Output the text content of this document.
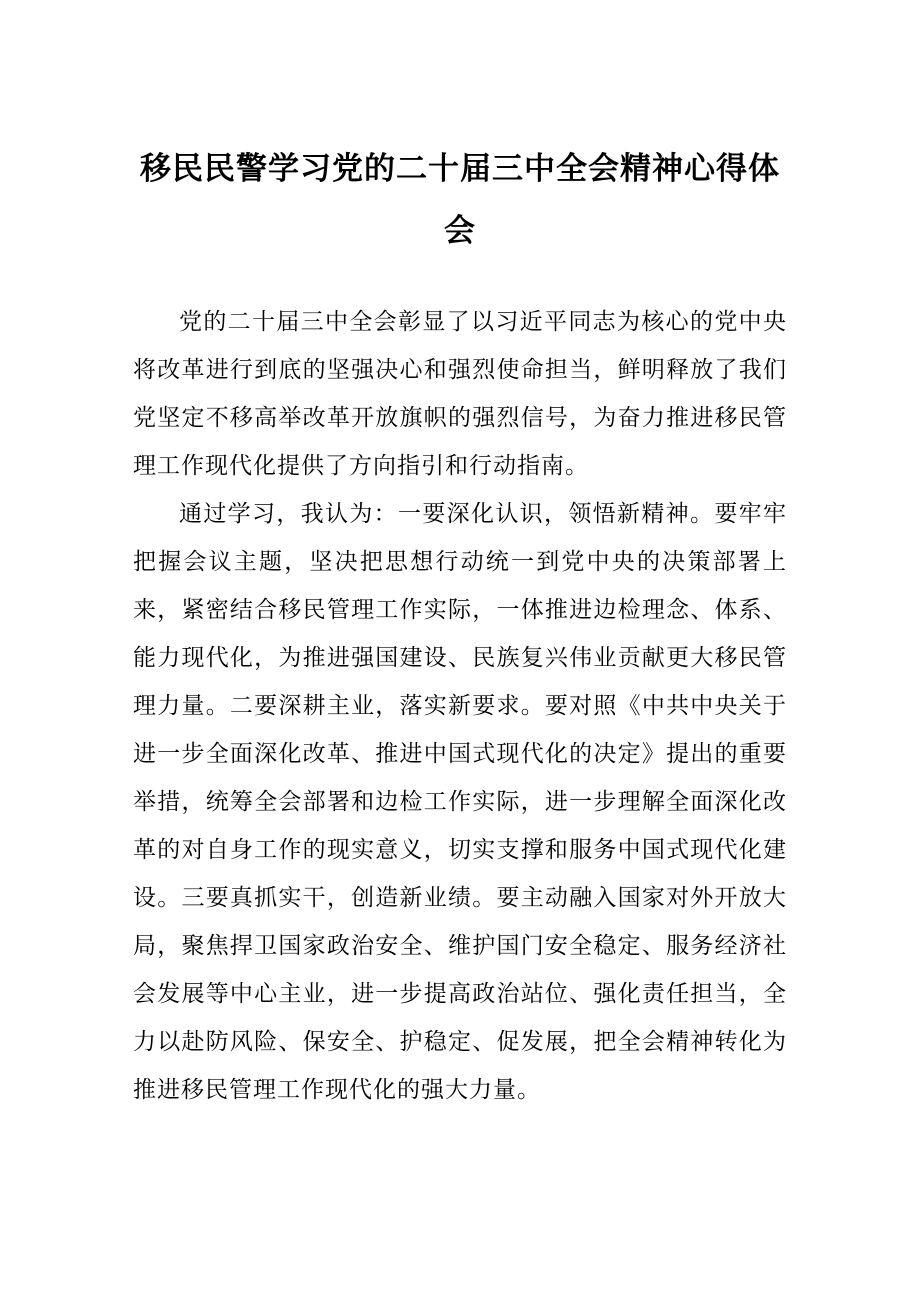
移民民警学习党的二十届三中全会精神心得体会

党的二十届三中全会彰显了以习近平同志为核心的党中央将改革进行到底的坚强决心和强烈使命担当，鲜明释放了我们党坚定不移高举改革开放旗帜的强烈信号，为奋力推进移民管理工作现代化提供了方向指引和行动指南。

通过学习，我认为：一要深化认识，领悟新精神。要牢牢把握会议主题，坚决把思想行动统一到党中央的决策部署上来，紧密结合移民管理工作实际，一体推进边检理念、体系、能力现代化，为推进强国建设、民族复兴伟业贡献更大移民管理力量。二要深耕主业，落实新要求。要对照《中共中央关于进一步全面深化改革、推进中国式现代化的决定》提出的重要举措，统筹全会部署和边检工作实际，进一步理解全面深化改革的对自身工作的现实意义，切实支撑和服务中国式现代化建设。三要真抓实干，创造新业绩。要主动融入国家对外开放大局，聚焦捍卫国家政治安全、维护国门安全稳定、服务经济社会发展等中心主业，进一步提高政治站位、强化责任担当，全力以赴防风险、保安全、护稳定、促发展，把全会精神转化为推进移民管理工作现代化的强大力量。
